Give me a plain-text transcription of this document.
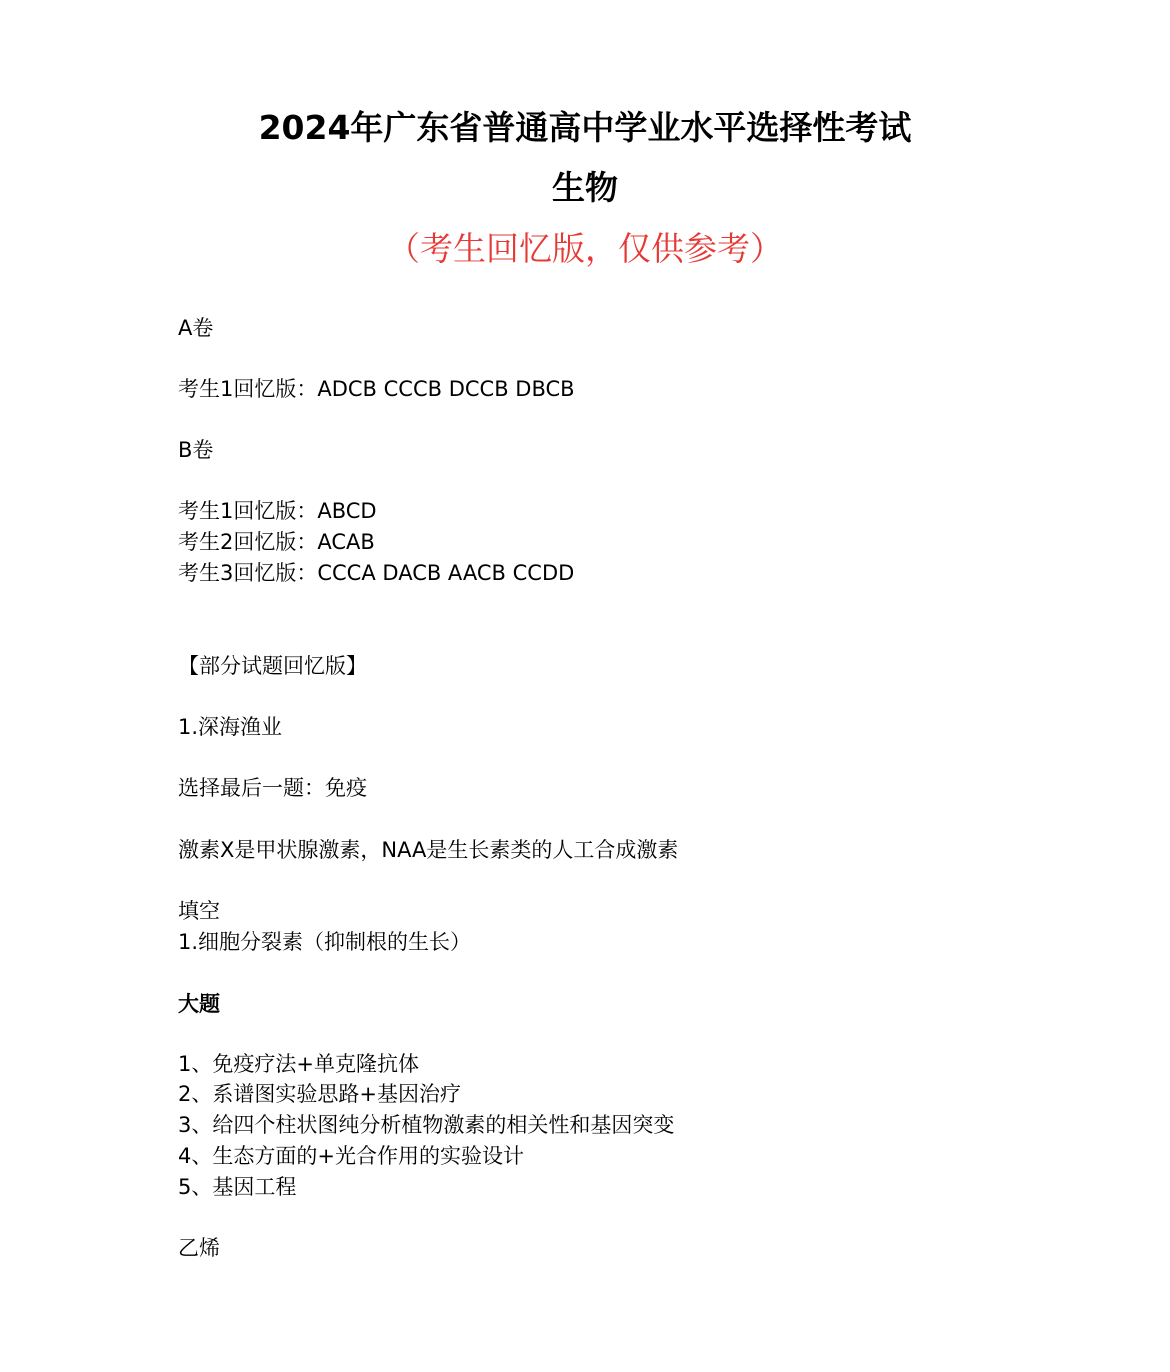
2024年广东省普通高中学业水平选择性考试
生物
（考生回忆版，仅供参考）
A卷
考生1回忆版：ADCB CCCB DCCB DBCB
B卷
考生1回忆版：ABCD
考生2回忆版：ACAB
考生3回忆版：CCCA DACB AACB CCDD
【部分试题回忆版】
1.深海渔业
选择最后一题：免疫
激素X是甲状腺激素，NAA是生长素类的人工合成激素
填空
1.细胞分裂素（抑制根的生长）
大题
1、免疫疗法+单克隆抗体
2、系谱图实验思路+基因治疗
3、给四个柱状图纯分析植物激素的相关性和基因突变
4、生态方面的+光合作用的实验设计
5、基因工程
乙烯
